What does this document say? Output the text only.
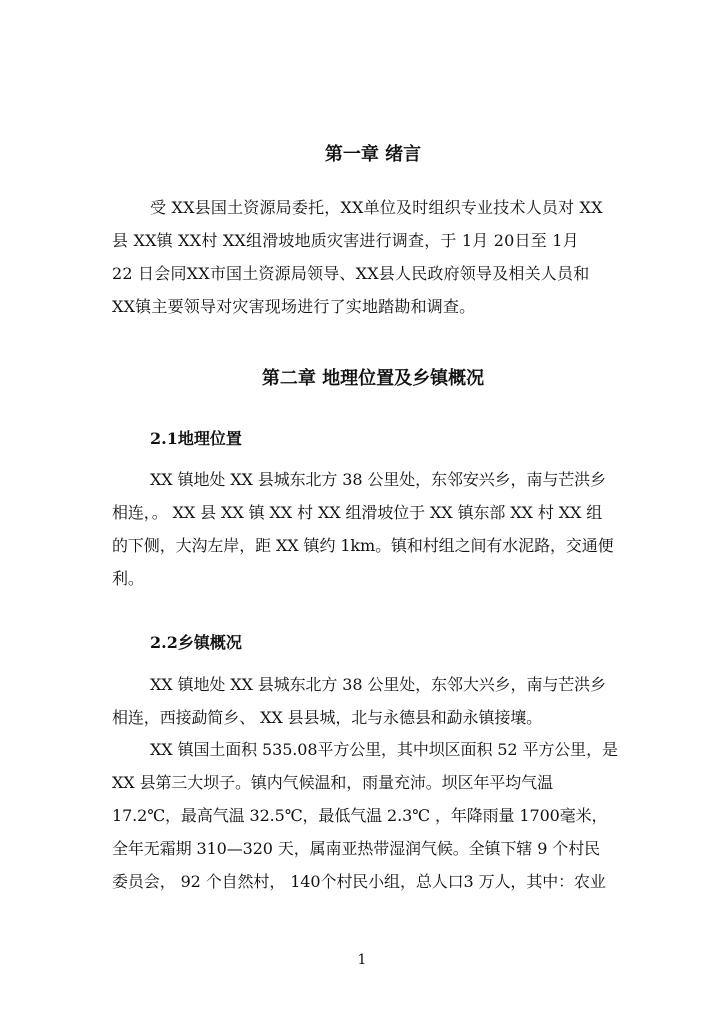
第一章 绪言
受 XX县国土资源局委托，XX单位及时组织专业技术人员对 XX
县 XX镇 XX村 XX组滑坡地质灾害进行调查，于 1月 20日至 1月
22 日会同XX市国土资源局领导、XX县人民政府领导及相关人员和
XX镇主要领导对灾害现场进行了实地踏勘和调查。
第二章 地理位置及乡镇概况
2.1地理位置
XX 镇地处 XX 县城东北方 38 公里处，东邻安兴乡，南与芒洪乡
相连，。 XX 县 XX 镇 XX 村 XX 组滑坡位于 XX 镇东部 XX 村 XX 组
的下侧，大沟左岸，距 XX 镇约 1km。镇和村组之间有水泥路，交通便
利。
2.2乡镇概况
XX 镇地处 XX 县城东北方 38 公里处，东邻大兴乡，南与芒洪乡
相连，西接勐简乡、 XX 县县城，北与永德县和勐永镇接壤。
XX 镇国土面积 535.08平方公里，其中坝区面积 52 平方公里，是
XX 县第三大坝子。镇内气候温和，雨量充沛。坝区年平均气温
17.2℃，最高气温 32.5℃，最低气温 2.3℃ ，年降雨量 1700毫米，
全年无霜期 310—320 天，属南亚热带湿润气候。全镇下辖 9 个村民
委员会， 92 个自然村， 140个村民小组，总人口3 万人，其中：农业
1
